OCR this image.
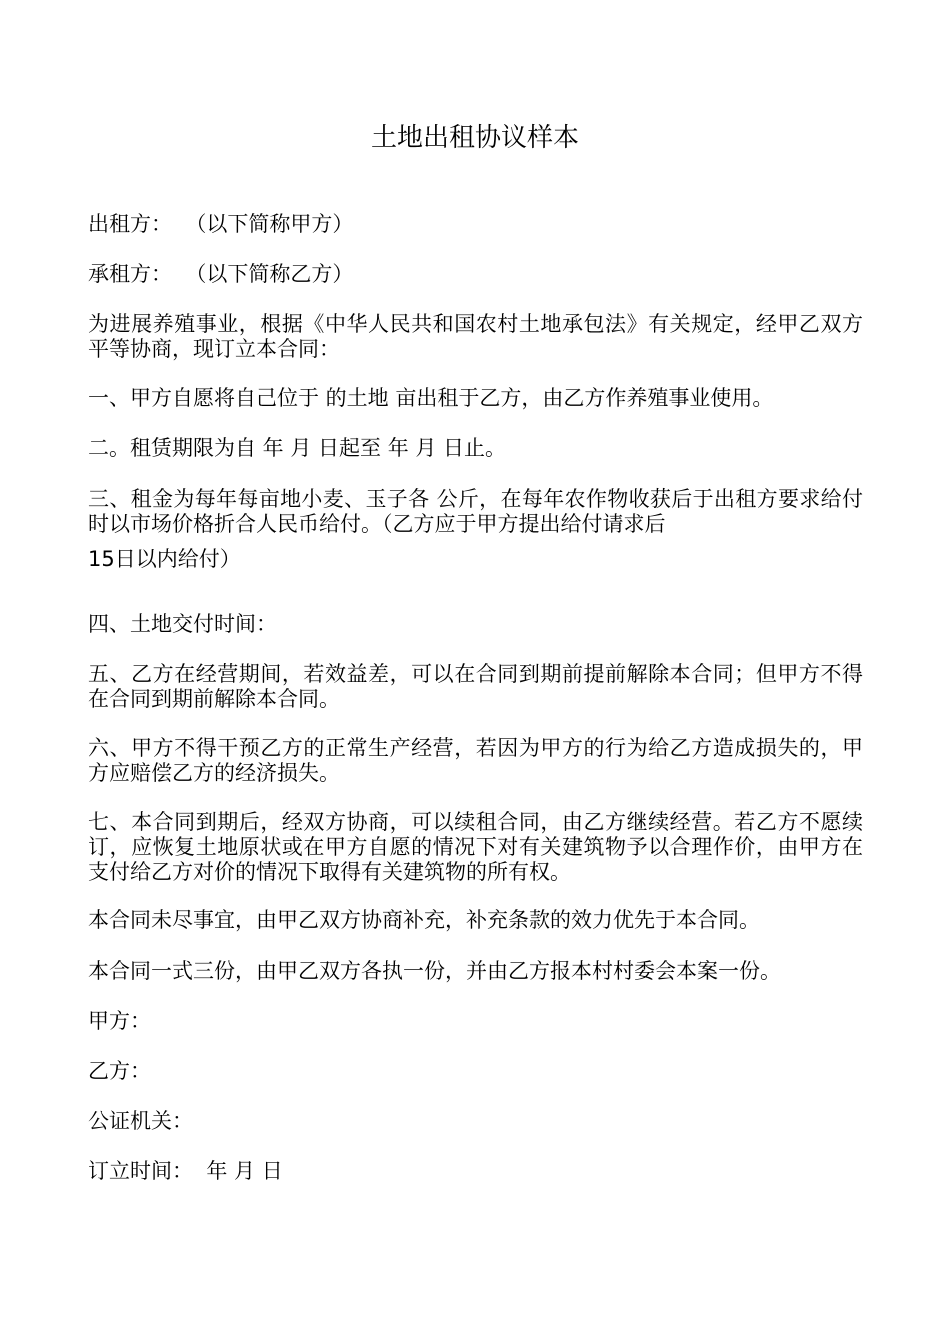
土地出租协议样本

出租方：  （以下简称甲方）

承租方：  （以下简称乙方）

为进展养殖事业，根据《中华人民共和国农村土地承包法》有关规定，经甲乙双方平等协商，现订立本合同：

一、甲方自愿将自己位于 的土地 亩出租于乙方，由乙方作养殖事业使用。

二。租赁期限为自 年 月 日起至 年 月 日止。

三、租金为每年每亩地小麦、玉子各 公斤，在每年农作物收获后于出租方要求给付时以市场价格折合人民币给付。（乙方应于甲方提出给付请求后

15日以内给付）

四、土地交付时间：

五、乙方在经营期间，若效益差，可以在合同到期前提前解除本合同；但甲方不得在合同到期前解除本合同。

六、甲方不得干预乙方的正常生产经营，若因为甲方的行为给乙方造成损失的，甲方应赔偿乙方的经济损失。

七、本合同到期后，经双方协商，可以续租合同，由乙方继续经营。若乙方不愿续订，应恢复土地原状或在甲方自愿的情况下对有关建筑物予以合理作价，由甲方在支付给乙方对价的情况下取得有关建筑物的所有权。

本合同未尽事宜，由甲乙双方协商补充，补充条款的效力优先于本合同。

本合同一式三份，由甲乙双方各执一份，并由乙方报本村村委会本案一份。

甲方：

乙方：

公证机关：

订立时间：  年 月 日
